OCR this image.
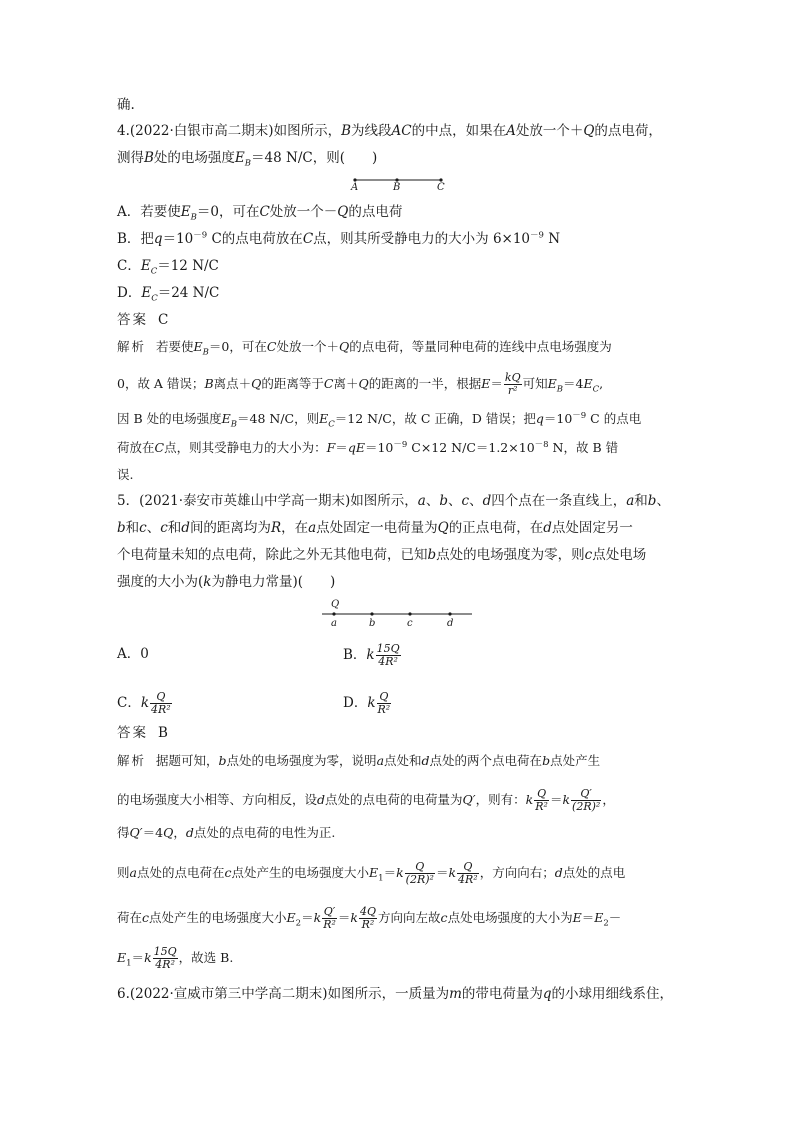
确.
4.(2022·白银市高二期末)如图所示，B为线段AC的中点，如果在A处放一个＋Q的点电荷，
测得B处的电场强度$E_B=48$ N/C，则(　　)
A	B	C
A．若要使$E_B=0$，可在C处放一个－Q的点电荷
B．把$q=10^{-9}$ C的点电荷放在C点，则其所受静电力的大小为 $6\times 10^{-9}$ N
C．$E_C=12$ N/C
D．$E_C=24$ N/C
答案 C
解析 若要使$E_B=0$，可在C处放一个＋Q的点电荷，等量同种电荷的连线中点电场强度为
0，故 A 错误；B离点＋Q的距离等于C离＋Q的距离的一半，根据$E= \frac{kQ}{\text{r²}}$ 可知$E_B=4E_C$,
因 B 处的电场强度$E_B=48$ N/C，则$E_C=12$ N/C，故 C 正确，D 错误；把$q=10^{-9}$ C 的点电
荷放在C点，则其受静电力的大小为：$F=qE=10^{-9}$ C×12 $N/C=1.2\times 10^{-8}$ N，故 B 错
误.
5．(2021·泰安市英雄山中学高一期末)如图所示，a、b、c、d四个点在一条直线上，a和b、
b和c、c和d间的距离均为R，在a点处固定一电荷量为Q的正点电荷，在d点处固定另一
个电荷量未知的点电荷，除此之外无其他电荷，已知b点处的电场强度为零，则c点处电场
强度的大小为(k为静电力常量)(　　)
Q
a	b	c	d
A．0	B．k $\frac{15Q}{\text{4R²}}$
C．k $\frac{Q}{\text{4R²}}$	D．k $\frac{Q}{\text{R²}}$
答案 B
解析 据题可知，b点处的电场强度为零，说明a点处和d点处的两个点电荷在b点处产生
的电场强度大小相等、方向相反，设d点处的点电荷的电荷量为Q′，则有：k $\frac{Q}{\text{R²}} =k \frac{Q'}{\text{(2R)²}}$ ，
得Q′＝4Q，d点处的点电荷的电性为正.
则a点处的点电荷在c点处产生的电场强度大小$E_1=k \frac{Q}{\text{(2R)²}} =k \frac{Q}{\text{4R²}}$ ，方向向右；d点处的点电
荷在c点处产生的电场强度大小$E_2=k \frac{Q'}{\text{R²}} =k \frac{4Q}{\text{R²}}$ 方向向左故c点处电场强度的大小为$E=E_2-$
$E_1=k \frac{15Q}{\text{4R²}}$ ，故选 B.
6.(2022·宣威市第三中学高二期末)如图所示，一质量为m的带电荷量为q的小球用细线系住，
